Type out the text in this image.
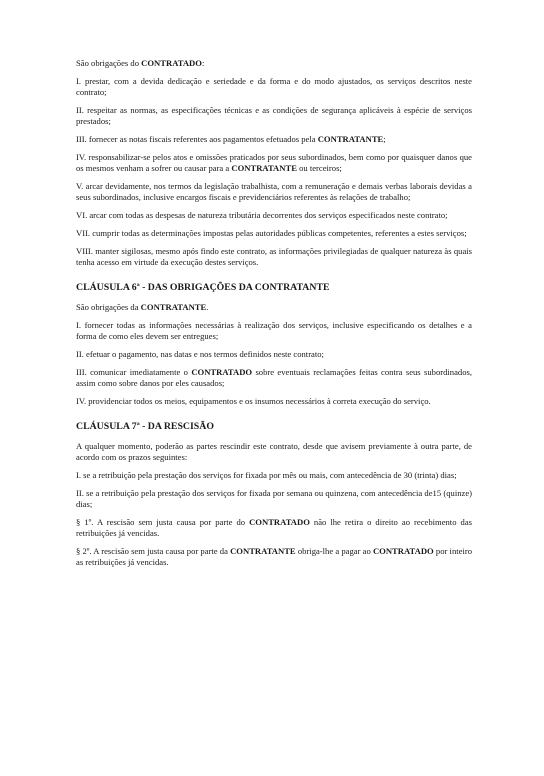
São obrigações do CONTRATADO:

I. prestar, com a devida dedicação e seriedade e da forma e do modo ajustados, os serviços descritos neste contrato;

II. respeitar as normas, as especificações técnicas e as condições de segurança aplicáveis à espécie de serviços prestados;

III. fornecer as notas fiscais referentes aos pagamentos efetuados pela CONTRATANTE;

IV. responsabilizar-se pelos atos e omissões praticados por seus subordinados, bem como por quaisquer danos que os mesmos venham a sofrer ou causar para a CONTRATANTE ou terceiros;

V. arcar devidamente, nos termos da legislação trabalhista, com a remuneração e demais verbas laborais devidas a seus subordinados, inclusive encargos fiscais e previdenciários referentes às relações de trabalho;

VI. arcar com todas as despesas de natureza tributária decorrentes dos serviços especificados neste contrato;

VII. cumprir todas as determinações impostas pelas autoridades públicas competentes, referentes a estes serviços;

VIII. manter sigilosas, mesmo após findo este contrato, as informações privilegiadas de qualquer natureza às quais tenha acesso em virtude da execução destes serviços.

CLÁUSULA 6ª - DAS OBRIGAÇÕES DA CONTRATANTE

São obrigações da CONTRATANTE.

I. fornecer todas as informações necessárias à realização dos serviços, inclusive especificando os detalhes e a forma de como eles devem ser entregues;

II. efetuar o pagamento, nas datas e nos termos definidos neste contrato;

III. comunicar imediatamente o CONTRATADO sobre eventuais reclamações feitas contra seus subordinados, assim como sobre danos por eles causados;

IV. providenciar todos os meios, equipamentos e os insumos necessários à correta execução do serviço.

CLÁUSULA 7ª - DA RESCISÃO

A qualquer momento, poderão as partes rescindir este contrato, desde que avisem previamente à outra parte, de acordo com os prazos seguintes:

I. se a retribuição pela prestação dos serviços for fixada por mês ou mais, com antecedência de 30 (trinta) dias;

II. se a retribuição pela prestação dos serviços for fixada por semana ou quinzena, com antecedência de15 (quinze) dias;

§ 1º. A rescisão sem justa causa por parte do CONTRATADO não lhe retira o direito ao recebimento das retribuições já vencidas.

§ 2º. A rescisão sem justa causa por parte da CONTRATANTE obriga-lhe a pagar ao CONTRATADO por inteiro as retribuições já vencidas.
